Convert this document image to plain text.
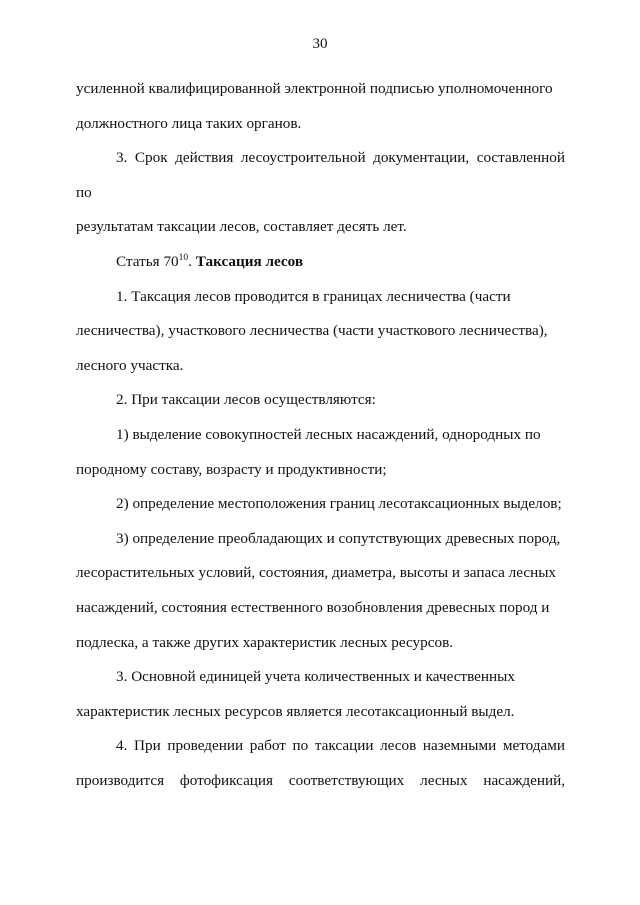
30

усиленной квалифицированной электронной подписью уполномоченного
должностного лица таких органов.

3. Срок действия лесоустроительной документации, составленной по
результатам таксации лесов, составляет десять лет.

Статья $70^{10}$. Таксация лесов

1. Таксация лесов проводится в границах лесничества (части
лесничества), участкового лесничества (части участкового лесничества),
лесного участка.

2. При таксации лесов осуществляются:

1) выделение совокупностей лесных насаждений, однородных по
породному составу, возрасту и продуктивности;

2) определение местоположения границ лесотаксационных выделов;

3) определение преобладающих и сопутствующих древесных пород,
лесорастительных условий, состояния, диаметра, высоты и запаса лесных
насаждений, состояния естественного возобновления древесных пород и
подлеска, а также других характеристик лесных ресурсов.

3. Основной единицей учета количественных и качественных
характеристик лесных ресурсов является лесотаксационный выдел.

4. При проведении работ по таксации лесов наземными методами
производится фотофиксация соответствующих лесных насаждений,
